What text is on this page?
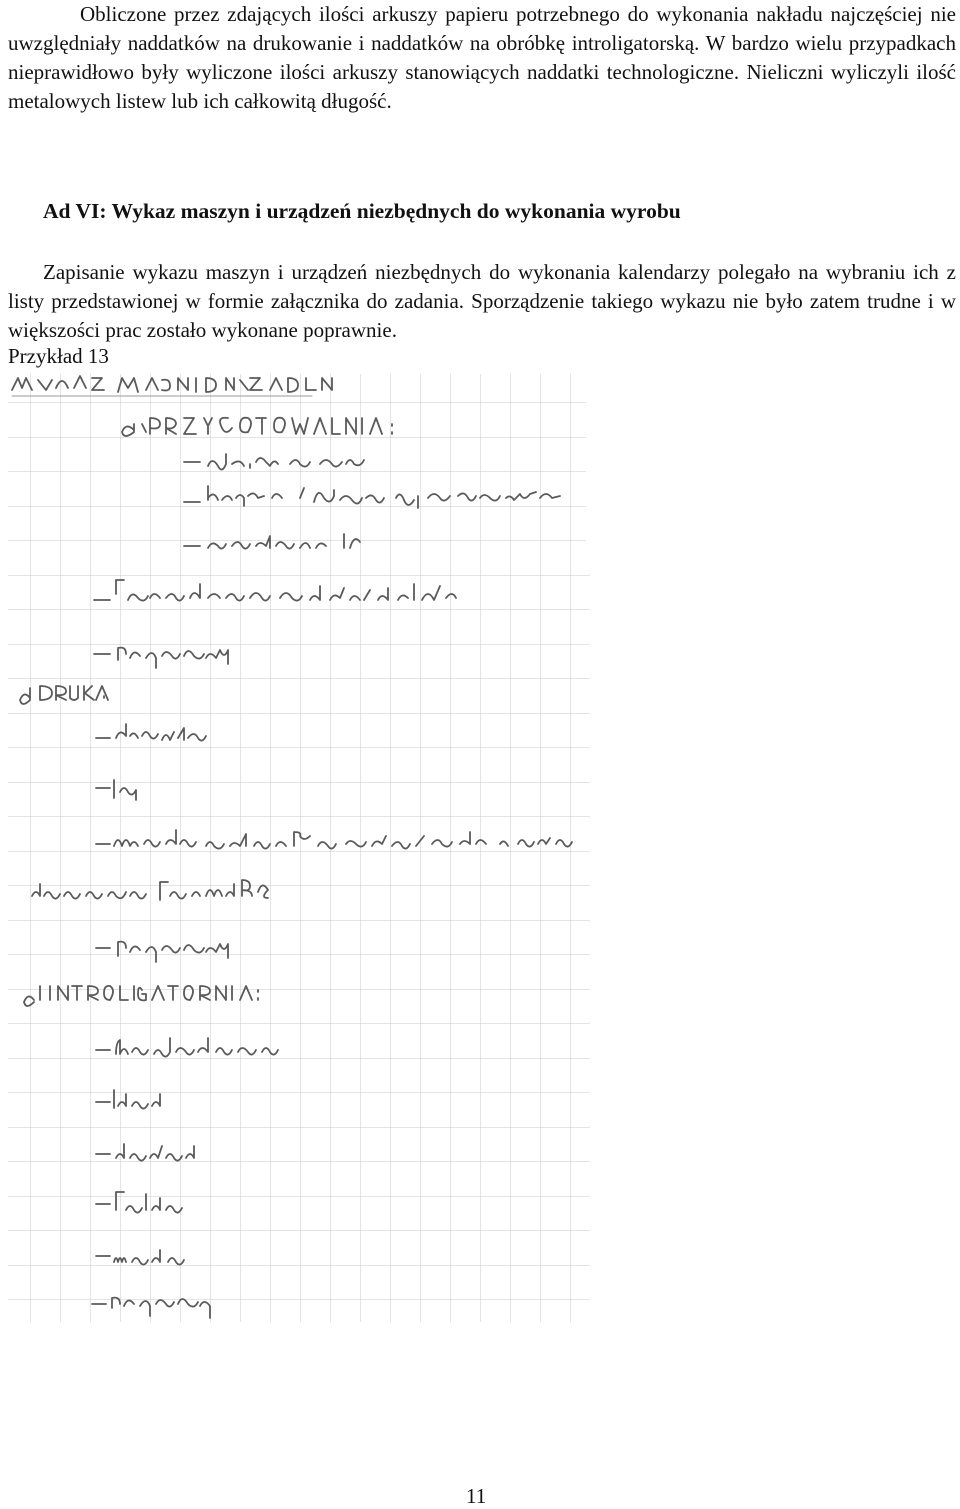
Obliczone przez zdających ilości arkuszy papieru potrzebnego do wykonania nakładu najczęściej nie uwzględniały naddatków na drukowanie i naddatków na obróbkę introligatorską. W bardzo wielu przypadkach nieprawidłowo były wyliczone ilości arkuszy stanowiących naddatki technologiczne. Nieliczni wyliczyli ilość metalowych listew lub ich całkowitą długość.

Ad VI: Wykaz maszyn i urządzeń niezbędnych do wykonania wyrobu

Zapisanie wykazu maszyn i urządzeń niezbędnych do wykonania kalendarzy polegało na wybraniu ich z listy przedstawionej w formie załącznika do zadania. Sporządzenie takiego wykazu nie było zatem trudne i w większości prac zostało wykonane poprawnie.

Przykład 13
11
